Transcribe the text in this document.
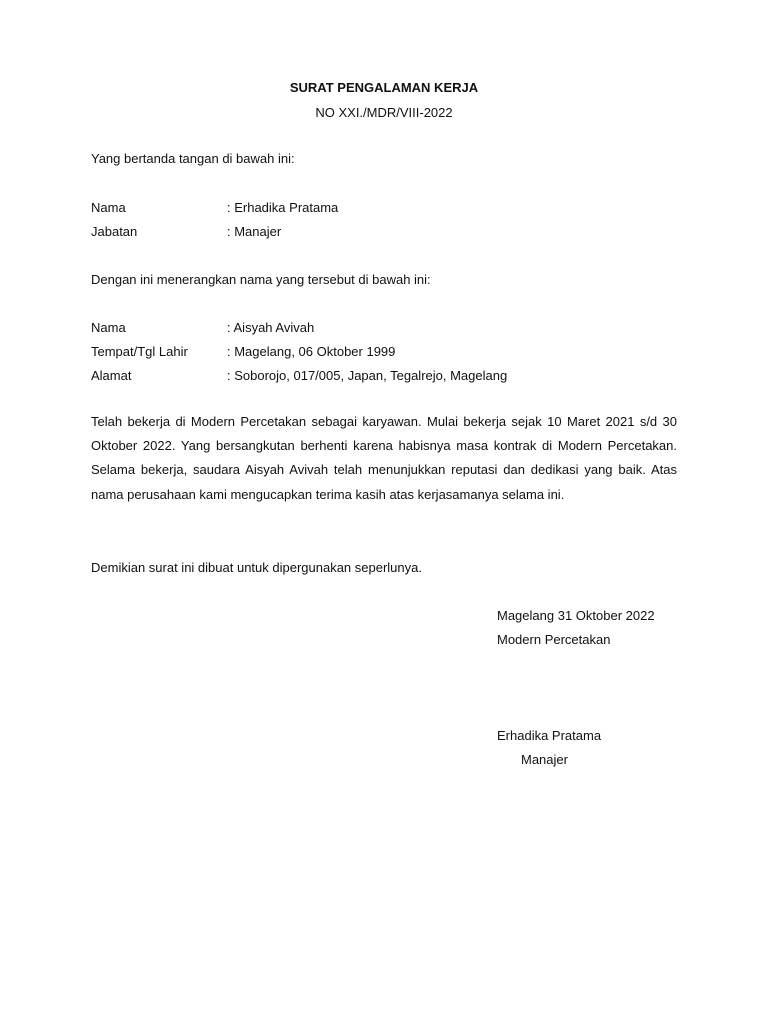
SURAT PENGALAMAN KERJA
NO XXI./MDR/VIII-2022
Yang bertanda tangan di bawah ini:
Nama	: Erhadika Pratama
Jabatan	: Manajer
Dengan ini menerangkan nama yang tersebut di bawah ini:
Nama	: Aisyah Avivah
Tempat/Tgl Lahir	: Magelang, 06 Oktober 1999
Alamat	: Soborojo, 017/005, Japan, Tegalrejo, Magelang
Telah bekerja di Modern Percetakan sebagai karyawan. Mulai bekerja sejak 10 Maret 2021 s/d 30 Oktober 2022. Yang bersangkutan berhenti karena habisnya masa kontrak di Modern Percetakan. Selama bekerja, saudara Aisyah Avivah telah menunjukkan reputasi dan dedikasi yang baik. Atas nama perusahaan kami mengucapkan terima kasih atas kerjasamanya selama ini.
Demikian surat ini dibuat untuk dipergunakan seperlunya.
Magelang 31 Oktober 2022
Modern Percetakan
Erhadika Pratama
Manajer
